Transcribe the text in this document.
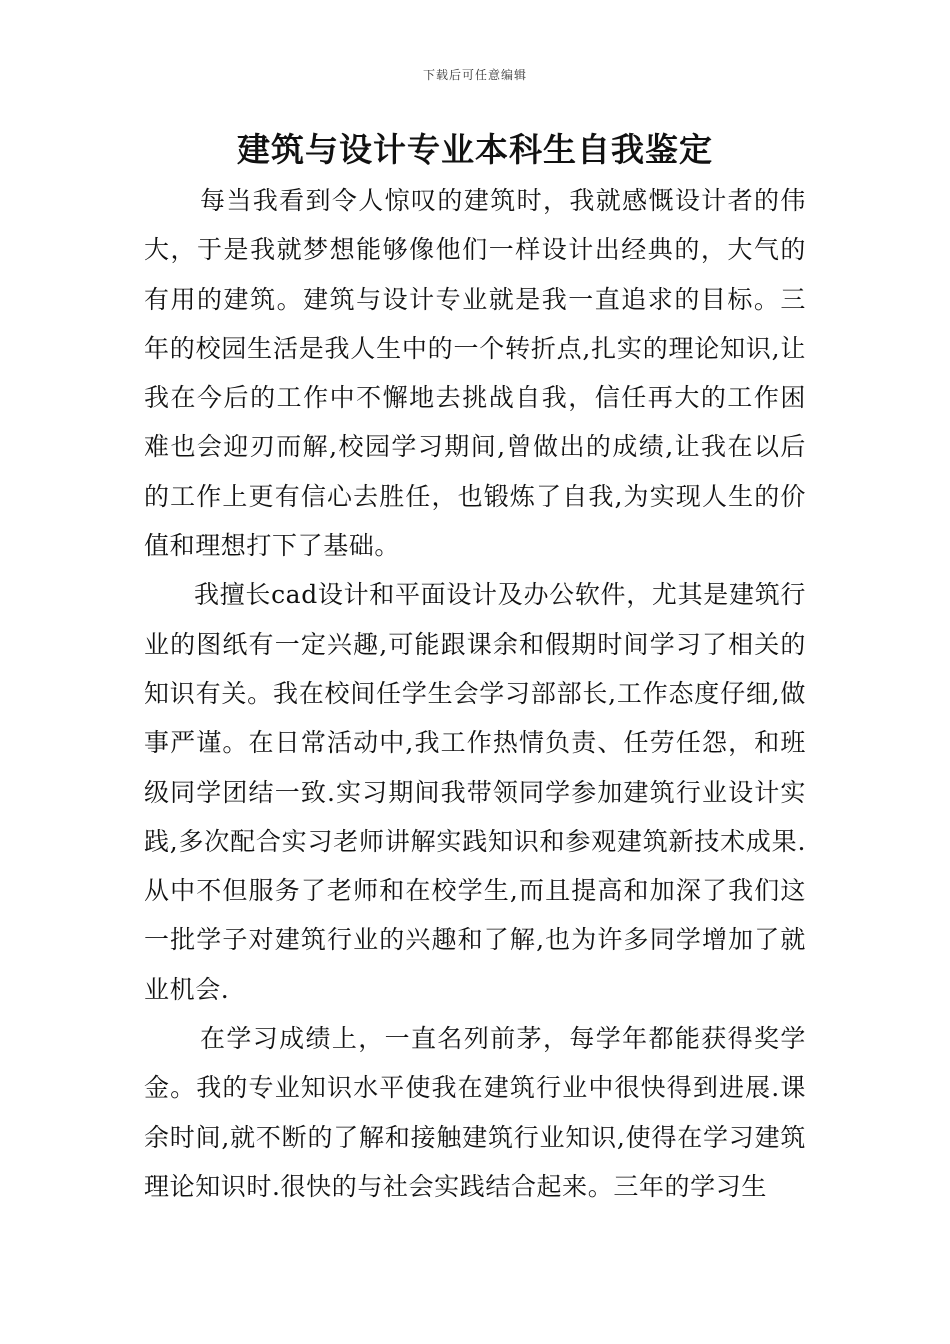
下载后可任意编辑
建筑与设计专业本科生自我鉴定

每当我看到令人惊叹的建筑时，我就感慨设计者的伟大，于是我就梦想能够像他们一样设计出经典的，大气的有用的建筑。建筑与设计专业就是我一直追求的目标。三年的校园生活是我人生中的一个转折点,扎实的理论知识,让我在今后的工作中不懈地去挑战自我，信任再大的工作困难也会迎刃而解,校园学习期间,曾做出的成绩,让我在以后的工作上更有信心去胜任，也锻炼了自我,为实现人生的价值和理想打下了基础。

我擅长cad设计和平面设计及办公软件，尤其是建筑行业的图纸有一定兴趣,可能跟课余和假期时间学习了相关的知识有关。我在校间任学生会学习部部长,工作态度仔细,做事严谨。在日常活动中,我工作热情负责、任劳任怨，和班级同学团结一致.实习期间我带领同学参加建筑行业设计实践,多次配合实习老师讲解实践知识和参观建筑新技术成果.从中不但服务了老师和在校学生,而且提高和加深了我们这一批学子对建筑行业的兴趣和了解,也为许多同学增加了就业机会.

在学习成绩上，一直名列前茅，每学年都能获得奖学金。我的专业知识水平使我在建筑行业中很快得到进展.课余时间,就不断的了解和接触建筑行业知识,使得在学习建筑理论知识时.很快的与社会实践结合起来。三年的学习生
